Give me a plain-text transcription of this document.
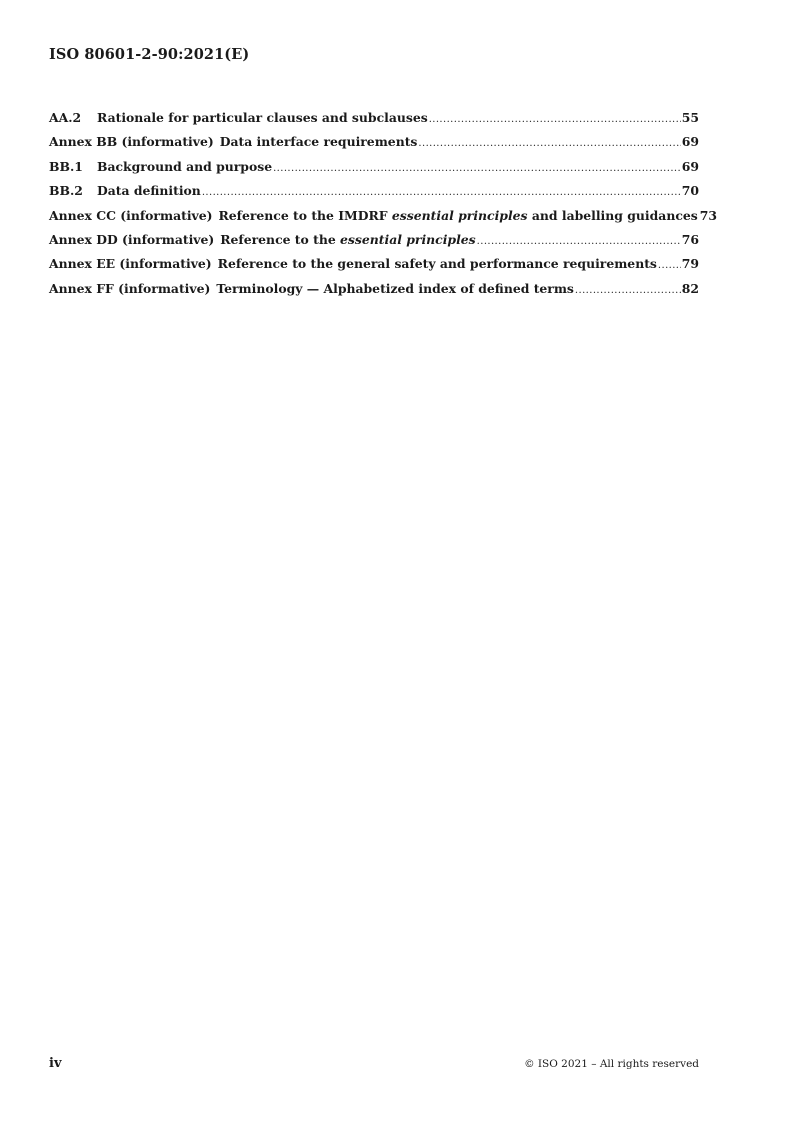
ISO 80601-2-90:2021(E)
AA.2	Rationale for particular clauses and subclauses .....	55
Annex BB (informative) Data interface requirements .....	69
BB.1	Background and purpose .....	69
BB.2	Data definition .....	70
Annex CC (informative) Reference to the IMDRF essential principles and labelling guidances 73
Annex DD (informative) Reference to the essential principles .....	76
Annex EE (informative) Reference to the general safety and performance requirements ..... 79
Annex FF (informative) Terminology — Alphabetized index of defined terms .....	82
iv	© ISO 2021 – All rights reserved
